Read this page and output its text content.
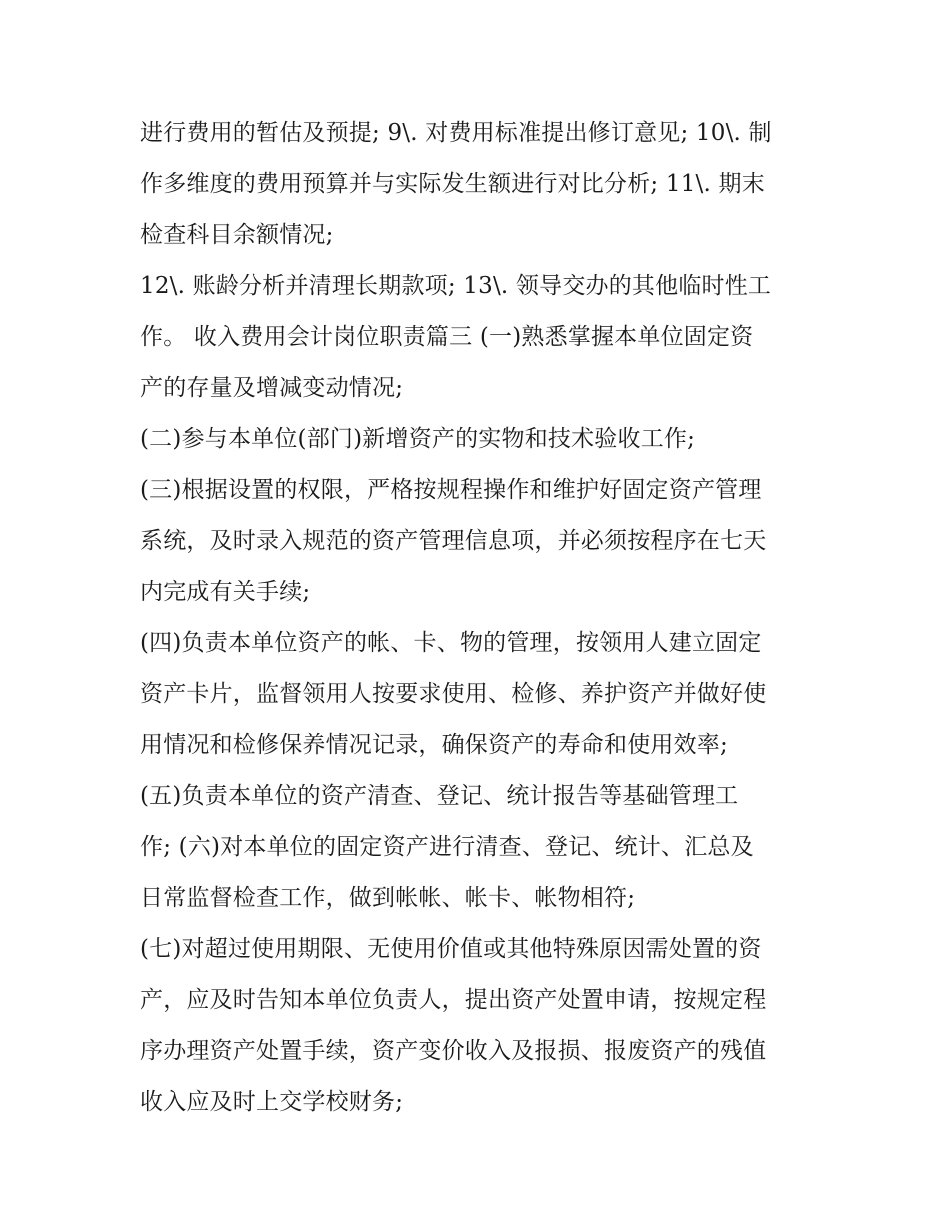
进行费用的暂估及预提; 9\. 对费用标准提出修订意见; 10\. 制
作多维度的费用预算并与实际发生额进行对比分析; 11\. 期末
检查科目余额情况;
12\. 账龄分析并清理长期款项; 13\. 领导交办的其他临时性工
作。 收入费用会计岗位职责篇三 (一)熟悉掌握本单位固定资
产的存量及增减变动情况;
(二)参与本单位(部门)新增资产的实物和技术验收工作;
(三)根据设置的权限，严格按规程操作和维护好固定资产管理
系统，及时录入规范的资产管理信息项，并必须按程序在七天
内完成有关手续;
(四)负责本单位资产的帐、卡、物的管理，按领用人建立固定
资产卡片，监督领用人按要求使用、检修、养护资产并做好使
用情况和检修保养情况记录，确保资产的寿命和使用效率;
(五)负责本单位的资产清查、登记、统计报告等基础管理工
作; (六)对本单位的固定资产进行清查、登记、统计、汇总及
日常监督检查工作，做到帐帐、帐卡、帐物相符;
(七)对超过使用期限、无使用价值或其他特殊原因需处置的资
产，应及时告知本单位负责人，提出资产处置申请，按规定程
序办理资产处置手续，资产变价收入及报损、报废资产的残值
收入应及时上交学校财务;
